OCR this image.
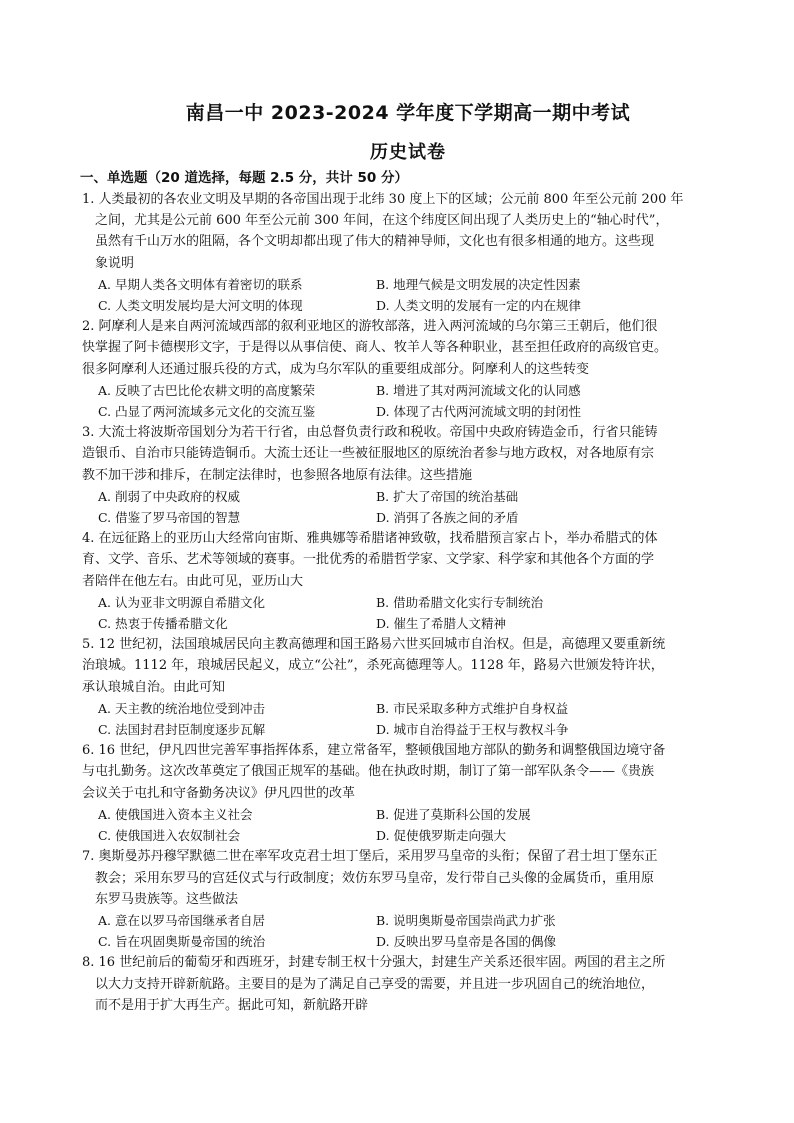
南昌一中 2023-2024 学年度下学期高一期中考试
历史试卷
一、单选题（20 道选择，每题 2.5 分，共计 50 分）

1. 人类最初的各农业文明及早期的各帝国出现于北纬 30 度上下的区域；公元前 800 年至公元前 200 年

　之间，尤其是公元前 600 年至公元前 300 年间，在这个纬度区间出现了人类历史上的“轴心时代”，

　虽然有千山万水的阻隔，各个文明却都出现了伟大的精神导师，文化也有很多相通的地方。这些现

　象说明

A. 早期人类各文明体有着密切的联系	B. 地理气候是文明发展的决定性因素
C. 人类文明发展均是大河文明的体现	D. 人类文明的发展有一定的内在规律

2. 阿摩利人是来自两河流域西部的叙利亚地区的游牧部落，进入两河流域的乌尔第三王朝后，他们很

快掌握了阿卡德楔形文字，于是得以从事信使、商人、牧羊人等各种职业，甚至担任政府的高级官吏。

很多阿摩利人还通过服兵役的方式，成为乌尔军队的重要组成部分。阿摩利人的这些转变

A. 反映了古巴比伦农耕文明的高度繁荣	B. 增进了其对两河流域文化的认同感
C. 凸显了两河流域多元文化的交流互鉴	D. 体现了古代两河流域文明的封闭性

3. 大流士将波斯帝国划分为若干行省，由总督负责行政和税收。帝国中央政府铸造金币，行省只能铸

造银币、自治市只能铸造铜币。大流士还让一些被征服地区的原统治者参与地方政权，对各地原有宗

教不加干涉和排斥，在制定法律时，也参照各地原有法律。这些措施

A. 削弱了中央政府的权威	B. 扩大了帝国的统治基础
C. 借鉴了罗马帝国的智慧	D. 消弭了各族之间的矛盾

4. 在远征路上的亚历山大经常向宙斯、雅典娜等希腊诸神致敬，找希腊预言家占卜，举办希腊式的体

育、文学、音乐、艺术等领域的赛事。一批优秀的希腊哲学家、文学家、科学家和其他各个方面的学

者陪伴在他左右。由此可见，亚历山大

A. 认为亚非文明源自希腊文化	B. 借助希腊文化实行专制统治
C. 热衷于传播希腊文化	D. 催生了希腊人文精神

5. 12 世纪初，法国琅城居民向主教高德理和国王路易六世买回城市自治权。但是，高德理又要重新统

治琅城。1112 年，琅城居民起义，成立“公社”，杀死高德理等人。1128 年，路易六世颁发特许状，

承认琅城自治。由此可知

A. 天主教的统治地位受到冲击	B. 市民采取多种方式维护自身权益
C. 法国封君封臣制度逐步瓦解	D. 城市自治得益于王权与教权斗争

6. 16 世纪，伊凡四世完善军事指挥体系，建立常备军，整顿俄国地方部队的勤务和调整俄国边境守备

与屯扎勤务。这次改革奠定了俄国正规军的基础。他在执政时期，制订了第一部军队条令——《贵族

会议关于屯扎和守备勤务决议》伊凡四世的改革

A. 使俄国进入资本主义社会	B. 促进了莫斯科公国的发展
C. 使俄国进入农奴制社会	D. 促使俄罗斯走向强大

7. 奥斯曼苏丹穆罕默德二世在率军攻克君士坦丁堡后，采用罗马皇帝的头衔；保留了君士坦丁堡东正

　教会；采用东罗马的宫廷仪式与行政制度；效仿东罗马皇帝，发行带自己头像的金属货币，重用原

　东罗马贵族等。这些做法

A. 意在以罗马帝国继承者自居	B. 说明奥斯曼帝国崇尚武力扩张
C. 旨在巩固奥斯曼帝国的统治	D. 反映出罗马皇帝是各国的偶像

8. 16 世纪前后的葡萄牙和西班牙，封建专制王权十分强大，封建生产关系还很牢固。两国的君主之所

　以大力支持开辟新航路。主要目的是为了满足自己享受的需要，并且进一步巩固自己的统治地位，

　而不是用于扩大再生产。据此可知，新航路开辟
